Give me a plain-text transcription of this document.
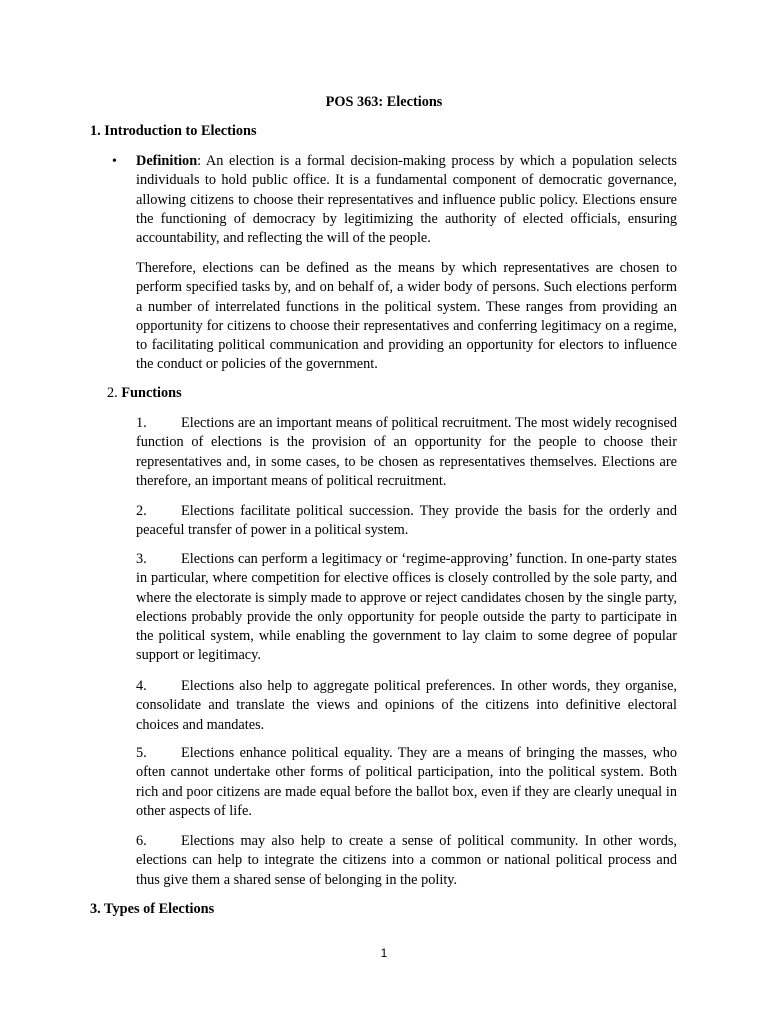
POS 363: Elections
1. Introduction to Elections
• Definition: An election is a formal decision-making process by which a population selects individuals to hold public office. It is a fundamental component of democratic governance, allowing citizens to choose their representatives and influence public policy. Elections ensure the functioning of democracy by legitimizing the authority of elected officials, ensuring accountability, and reflecting the will of the people.

Therefore, elections can be defined as the means by which representatives are chosen to perform specified tasks by, and on behalf of, a wider body of persons. Such elections perform a number of interrelated functions in the political system. These ranges from providing an opportunity for citizens to choose their representatives and conferring legitimacy on a regime, to facilitating political communication and providing an opportunity for electors to influence the conduct or policies of the government.

2. Functions

1. Elections are an important means of political recruitment. The most widely recognised function of elections is the provision of an opportunity for the people to choose their representatives and, in some cases, to be chosen as representatives themselves. Elections are therefore, an important means of political recruitment.

2. Elections facilitate political succession. They provide the basis for the orderly and peaceful transfer of power in a political system.

3. Elections can perform a legitimacy or ‘regime-approving’ function. In one-party states in particular, where competition for elective offices is closely controlled by the sole party, and where the electorate is simply made to approve or reject candidates chosen by the single party, elections probably provide the only opportunity for people outside the party to participate in the political system, while enabling the government to lay claim to some degree of popular support or legitimacy.

4. Elections also help to aggregate political preferences. In other words, they organise, consolidate and translate the views and opinions of the citizens into definitive electoral choices and mandates.

5. Elections enhance political equality. They are a means of bringing the masses, who often cannot undertake other forms of political participation, into the political system. Both rich and poor citizens are made equal before the ballot box, even if they are clearly unequal in other aspects of life.

6. Elections may also help to create a sense of political community. In other words, elections can help to integrate the citizens into a common or national political process and thus give them a shared sense of belonging in the polity.

3. Types of Elections
1
